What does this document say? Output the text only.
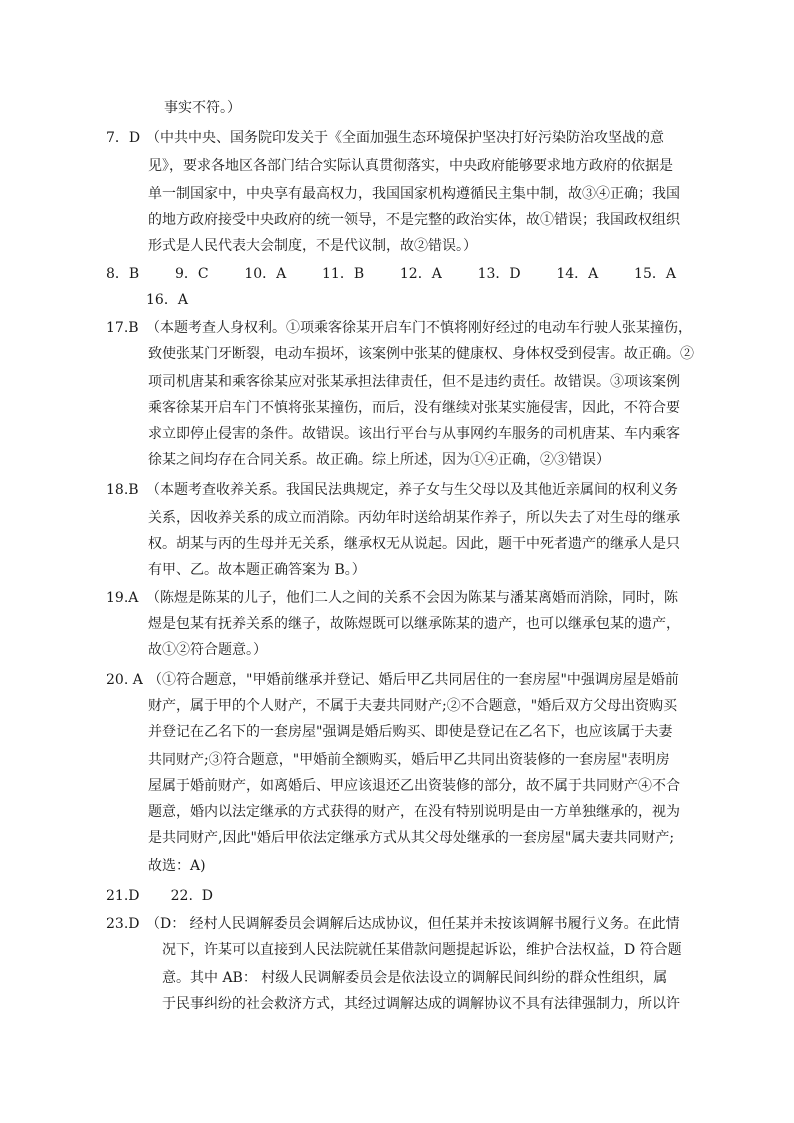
事实不符。）
7．D （中共中央、国务院印发关于《全面加强生态环境保护坚决打好污染防治攻坚战的意
见》，要求各地区各部门结合实际认真贯彻落实，中央政府能够要求地方政府的依据是
单一制国家中，中央享有最高权力，我国国家机构遵循民主集中制，故③④正确；我国
的地方政府接受中央政府的统一领导，不是完整的政治实体，故①错误；我国政权组织
形式是人民代表大会制度，不是代议制，故②错误。）
8．B	9．C	10．A	11．B	12．A	13．D	14．A	15．A
16．A
17.B （本题考查人身权利。①项乘客徐某开启车门不慎将刚好经过的电动车行驶人张某撞伤，
致使张某门牙断裂，电动车损坏，该案例中张某的健康权、身体权受到侵害。故正确。②
项司机唐某和乘客徐某应对张某承担法律责任，但不是违约责任。故错误。③项该案例
乘客徐某开启车门不慎将张某撞伤，而后，没有继续对张某实施侵害，因此，不符合要
求立即停止侵害的条件。故错误。该出行平台与从事网约车服务的司机唐某、车内乘客
徐某之间均存在合同关系。故正确。综上所述，因为①④正确，②③错误）
18.B （本题考查收养关系。我国民法典规定，养子女与生父母以及其他近亲属间的权利义务
关系，因收养关系的成立而消除。丙幼年时送给胡某作养子，所以失去了对生母的继承
权。胡某与丙的生母并无关系，继承权无从说起。因此，题干中死者遗产的继承人是只
有甲、乙。故本题正确答案为 B。）
19.A （陈煜是陈某的儿子，他们二人之间的关系不会因为陈某与潘某离婚而消除，同时，陈
煜是包某有抚养关系的继子，故陈煜既可以继承陈某的遗产，也可以继承包某的遗产，
故①②符合题意。）
20. A （①符合题意，"甲婚前继承并登记、婚后甲乙共同居住的一套房屋"中强调房屋是婚前
财产，属于甲的个人财产，不属于夫妻共同财产;②不合题意，"婚后双方父母出资购买
并登记在乙名下的一套房屋"强调是婚后购买、即使是登记在乙名下，也应该属于夫妻
共同财产;③符合题意，"甲婚前全额购买，婚后甲乙共同出资装修的一套房屋"表明房
屋属于婚前财产，如离婚后、甲应该退还乙出资装修的部分，故不属于共同财产④不合
题意，婚内以法定继承的方式获得的财产，在没有特别说明是由一方单独继承的，视为
是共同财产,因此"婚后甲依法定继承方式从其父母处继承的一套房屋"属夫妻共同财产;
故选：A)
21.D       22.  D
23.D （D： 经村人民调解委员会调解后达成协议，但任某并未按该调解书履行义务。在此情
况下，许某可以直接到人民法院就任某借款问题提起诉讼，维护合法权益，D 符合题
意。其中 AB： 村级人民调解委员会是依法设立的调解民间纠纷的群众性组织，属
于民事纠纷的社会救济方式，其经过调解达成的调解协议不具有法律强制力，所以许
